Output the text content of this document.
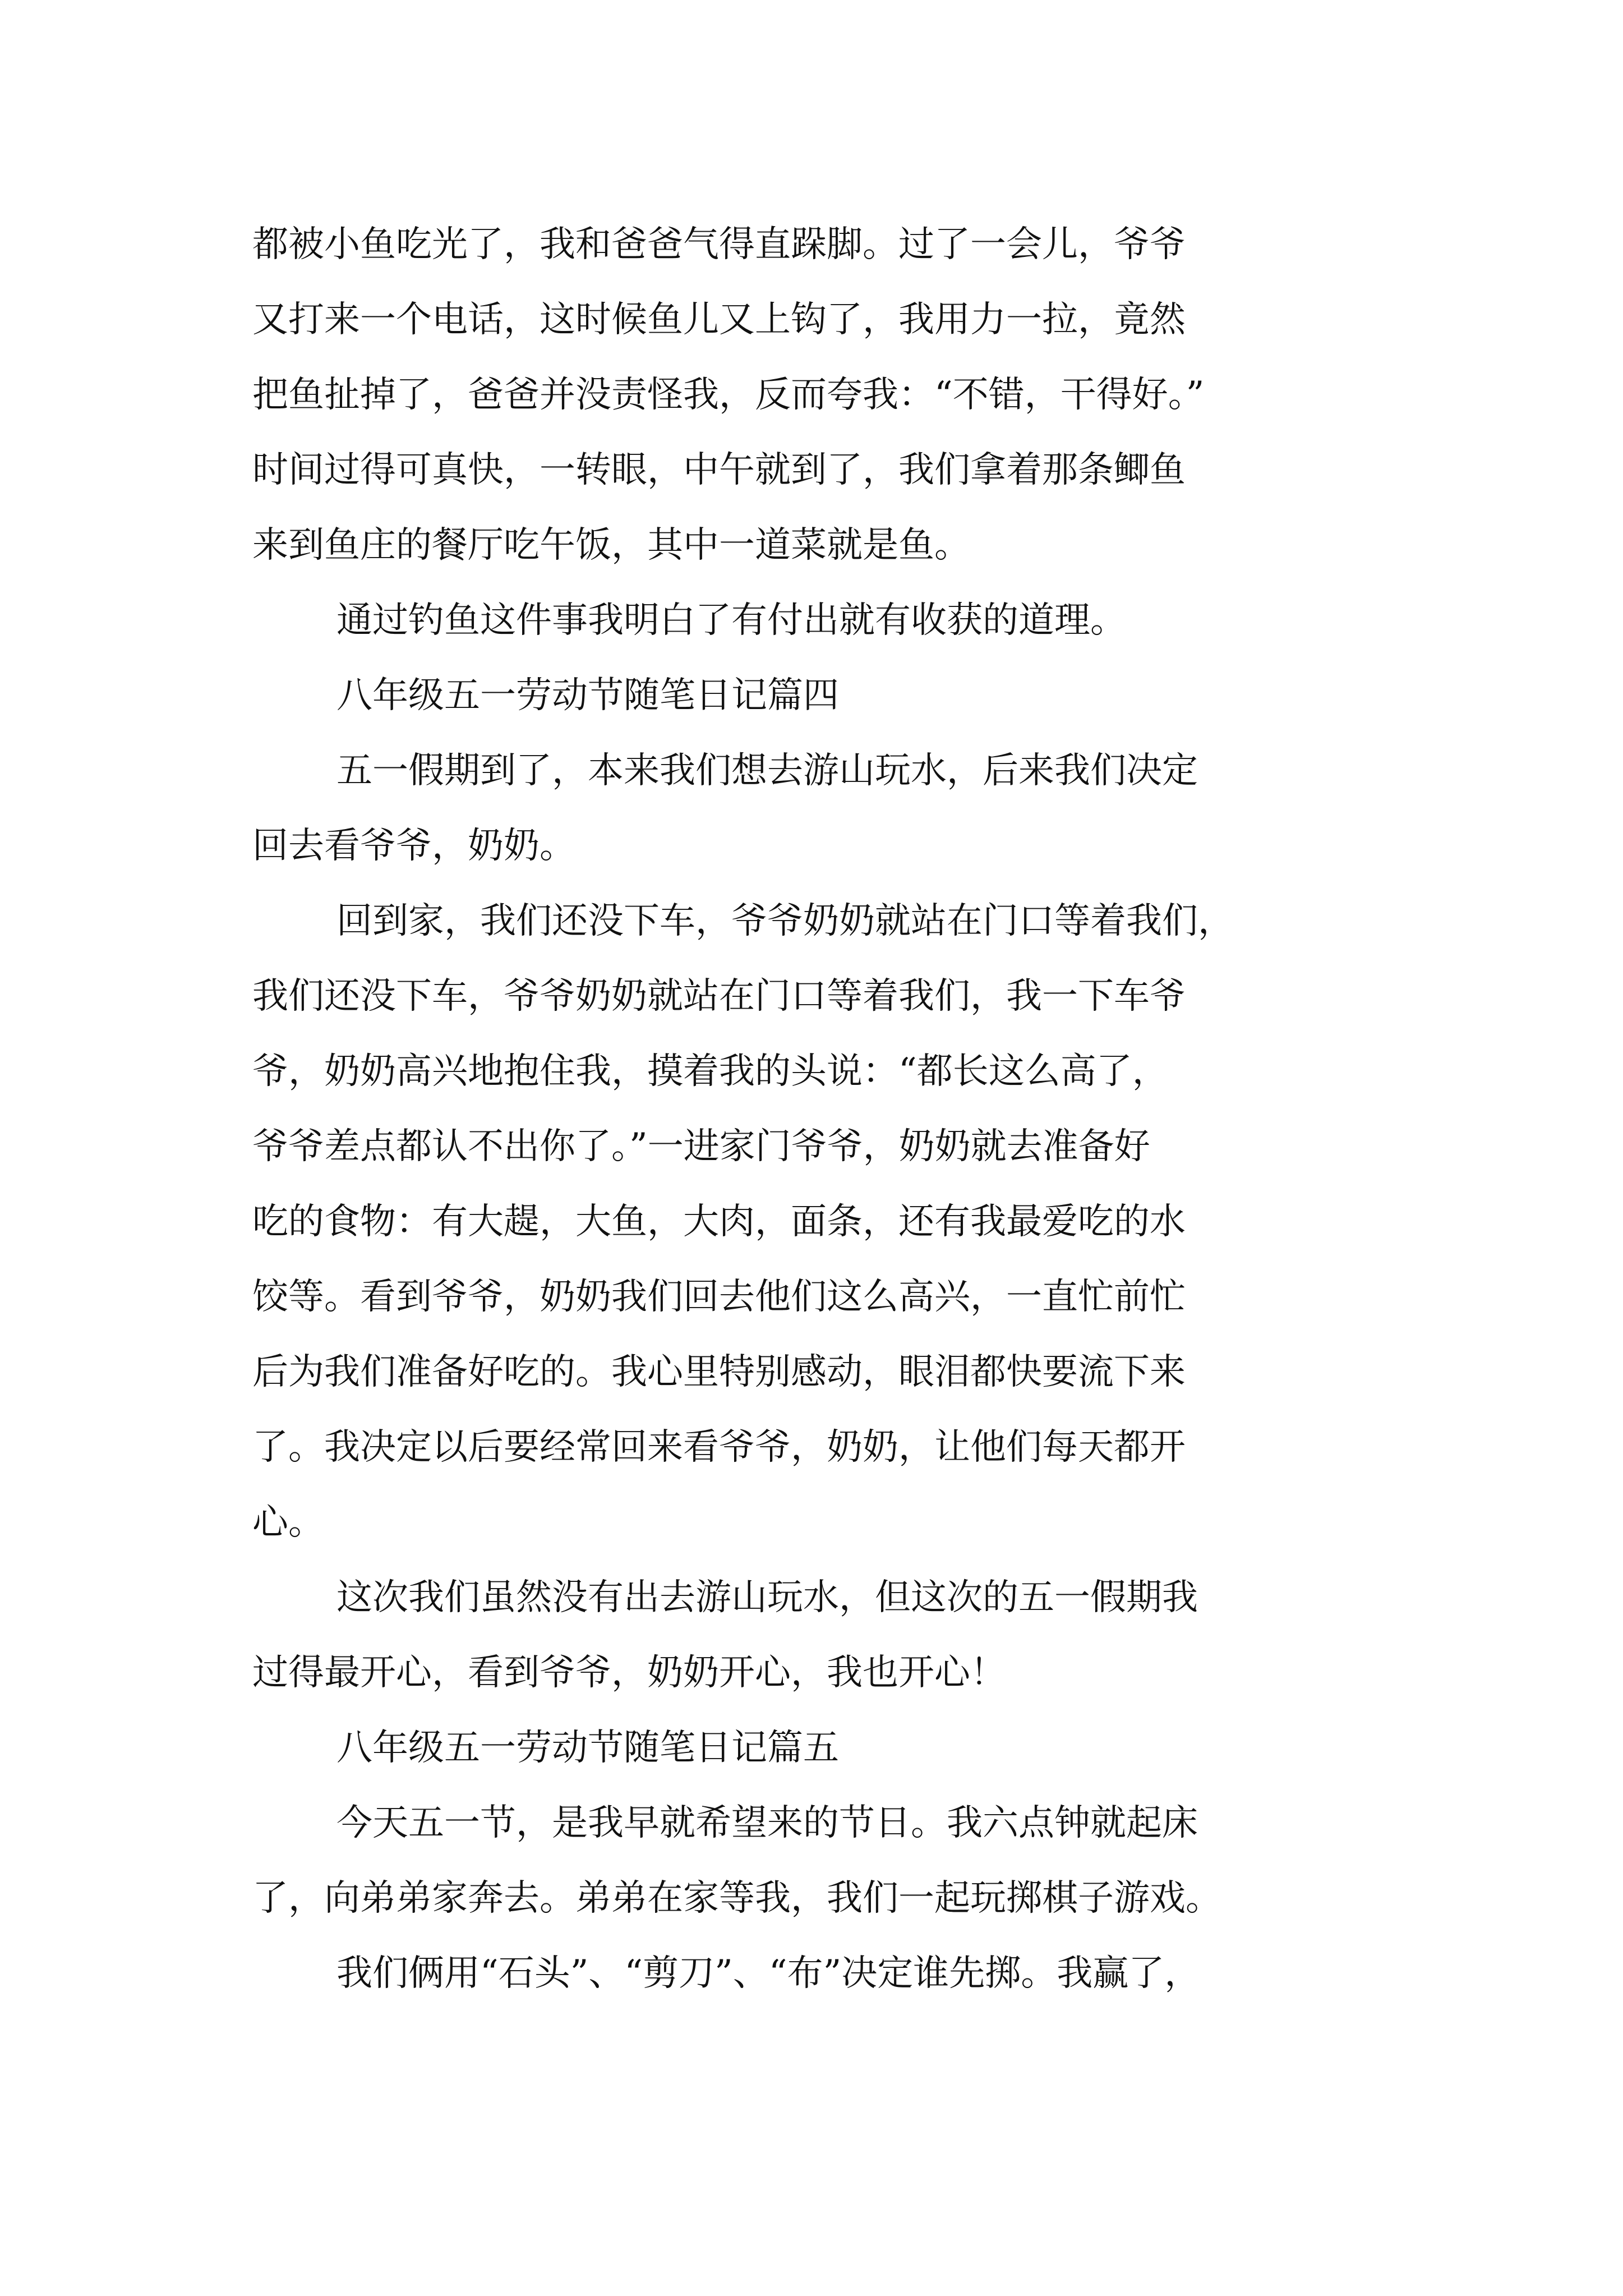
都被小鱼吃光了，我和爸爸气得直跺脚。过了一会儿，爷爷
又打来一个电话，这时候鱼儿又上钩了，我用力一拉，竟然
把鱼扯掉了，爸爸并没责怪我，反而夸我：“不错，干得好。”
时间过得可真快，一转眼，中午就到了，我们拿着那条鲫鱼
来到鱼庄的餐厅吃午饭，其中一道菜就是鱼。
通过钓鱼这件事我明白了有付出就有收获的道理。
八年级五一劳动节随笔日记篇四
五一假期到了，本来我们想去游山玩水，后来我们决定
回去看爷爷，奶奶。
回到家，我们还没下车，爷爷奶奶就站在门口等着我们，
我们还没下车，爷爷奶奶就站在门口等着我们，我一下车爷
爷，奶奶高兴地抱住我，摸着我的头说：“都长这么高了，
爷爷差点都认不出你了。”一进家门爷爷，奶奶就去准备好
吃的食物：有大趧，大鱼，大肉，面条，还有我最爱吃的水
饺等。看到爷爷，奶奶我们回去他们这么高兴，一直忙前忙
后为我们准备好吃的。我心里特别感动，眼泪都快要流下来
了。我决定以后要经常回来看爷爷，奶奶，让他们每天都开
心。
这次我们虽然没有出去游山玩水，但这次的五一假期我
过得最开心，看到爷爷，奶奶开心，我也开心！
八年级五一劳动节随笔日记篇五
今天五一节，是我早就希望来的节日。我六点钟就起床
了，向弟弟家奔去。弟弟在家等我，我们一起玩掷棋子游戏。
我们俩用“石头”、“剪刀”、“布”决定谁先掷。我赢了，
